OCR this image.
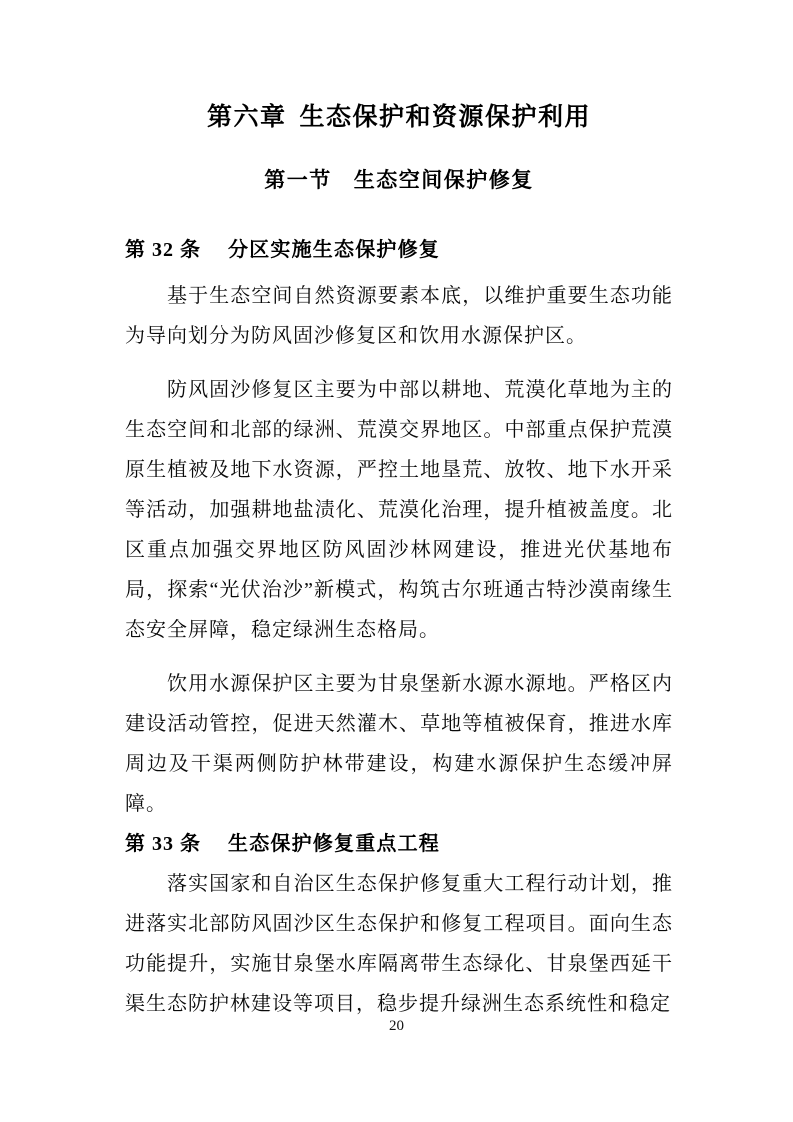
第六章 生态保护和资源保护利用
第一节 生态空间保护修复
第 32 条 分区实施生态保护修复

基于生态空间自然资源要素本底，以维护重要生态功能为导向划分为防风固沙修复区和饮用水源保护区。

防风固沙修复区主要为中部以耕地、荒漠化草地为主的生态空间和北部的绿洲、荒漠交界地区。中部重点保护荒漠原生植被及地下水资源，严控土地垦荒、放牧、地下水开采等活动，加强耕地盐渍化、荒漠化治理，提升植被盖度。北区重点加强交界地区防风固沙林网建设，推进光伏基地布局，探索“光伏治沙”新模式，构筑古尔班通古特沙漠南缘生态安全屏障，稳定绿洲生态格局。

饮用水源保护区主要为甘泉堡新水源水源地。严格区内建设活动管控，促进天然灌木、草地等植被保育，推进水库周边及干渠两侧防护林带建设，构建水源保护生态缓冲屏障。

第 33 条 生态保护修复重点工程

落实国家和自治区生态保护修复重大工程行动计划，推进落实北部防风固沙区生态保护和修复工程项目。面向生态功能提升，实施甘泉堡水库隔离带生态绿化、甘泉堡西延干渠生态防护林建设等项目，稳步提升绿洲生态系统性和稳定

20
